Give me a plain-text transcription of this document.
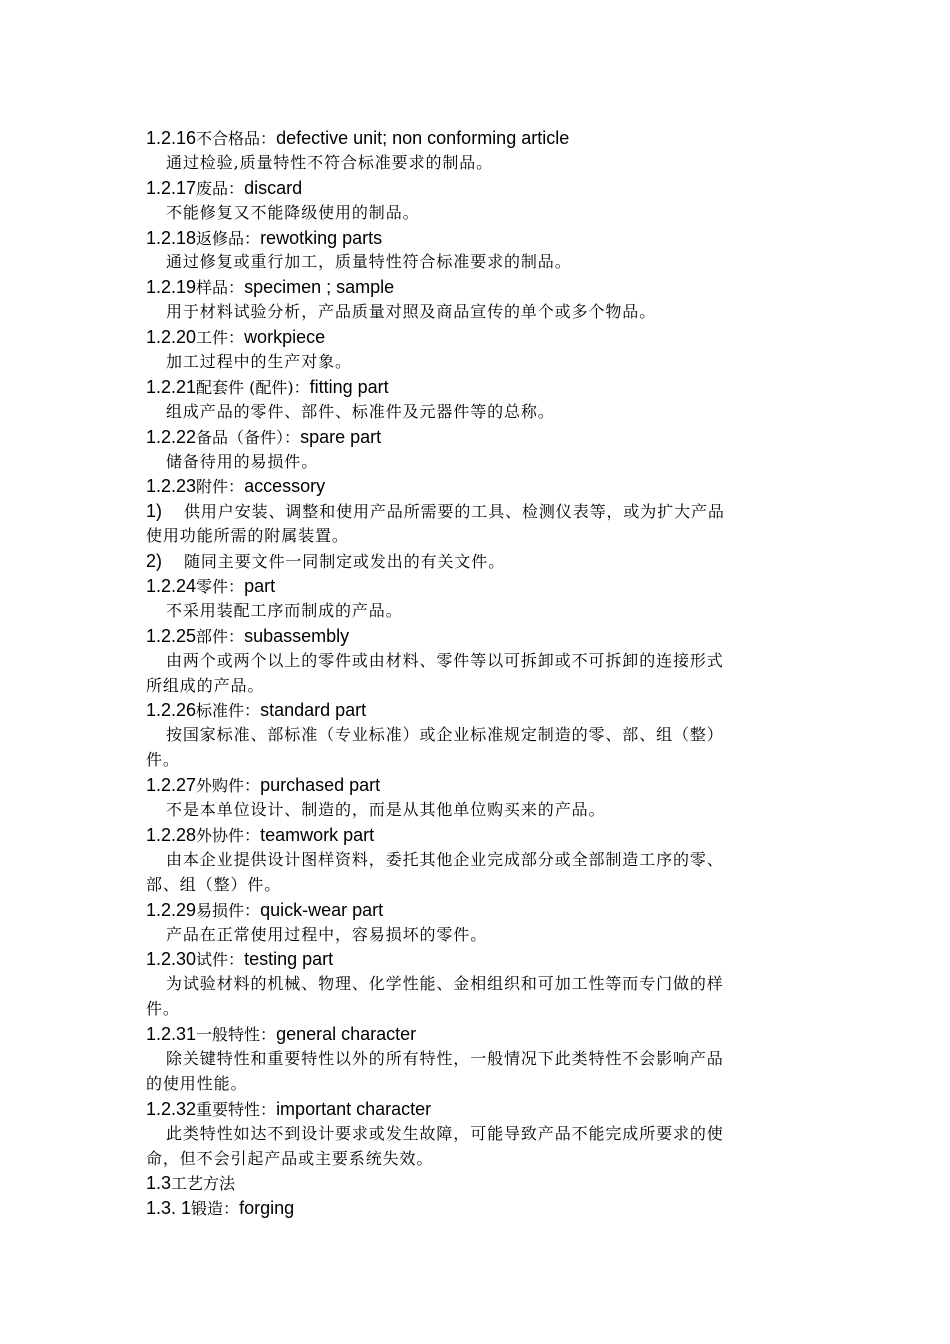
1.2.16不合格品：defective unit; non conforming article
通过检验,质量特性不符合标准要求的制品。
1.2.17废品：discard
不能修复又不能降级使用的制品。
1.2.18返修品：rewotking parts
通过修复或重行加工，质量特性符合标准要求的制品。
1.2.19样品：specimen ; sample
用于材料试验分析，产品质量对照及商品宣传的单个或多个物品。
1.2.20工件：workpiece
加工过程中的生产对象。
1.2.21配套件 (配件)：fitting part
组成产品的零件、部件、标准件及元器件等的总称。
1.2.22备品（备件）：spare part
储备待用的易损件。
1.2.23附件：accessory
1) 供用户安装、调整和使用产品所需要的工具、检测仪表等，或为扩大产品
使用功能所需的附属装置。
2) 随同主要文件一同制定或发出的有关文件。
1.2.24零件：part
不采用装配工序而制成的产品。
1.2.25部件：subassembly
由两个或两个以上的零件或由材料、零件等以可拆卸或不可拆卸的连接形式
所组成的产品。
1.2.26标准件：standard part
按国家标准、部标准（专业标准）或企业标准规定制造的零、部、组（整）
件。
1.2.27外购件：purchased part
不是本单位设计、制造的，而是从其他单位购买来的产品。
1.2.28外协件：teamwork part
由本企业提供设计图样资料，委托其他企业完成部分或全部制造工序的零、
部、组（整）件。
1.2.29易损件：quick-wear part
产品在正常使用过程中，容易损坏的零件。
1.2.30试件：testing part
为试验材料的机械、物理、化学性能、金相组织和可加工性等而专门做的样
件。
1.2.31一般特性：general character
除关键特性和重要特性以外的所有特性，一般情况下此类特性不会影响产品
的使用性能。
1.2.32重要特性：important character
此类特性如达不到设计要求或发生故障，可能导致产品不能完成所要求的使
命，但不会引起产品或主要系统失效。
1.3工艺方法
1.3. 1锻造：forging
